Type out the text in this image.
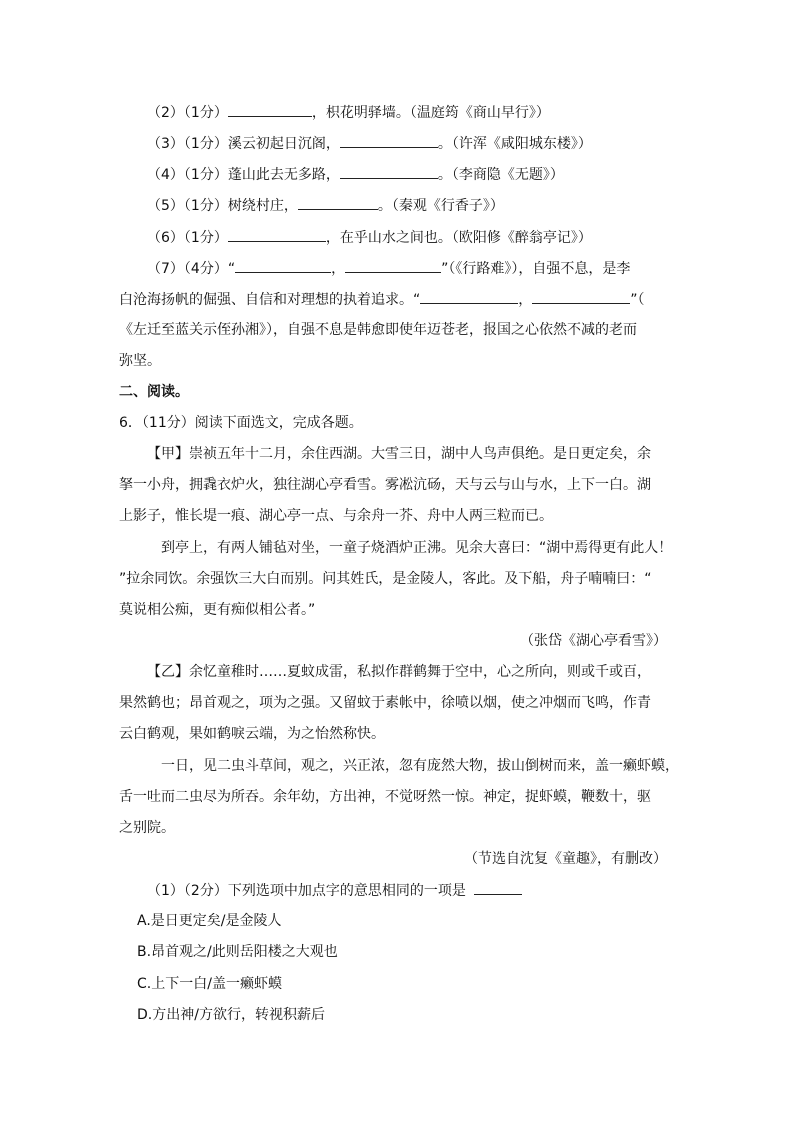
（2）（1分）	，枳花明驿墙。（温庭筠《商山早行》）
（3）（1分）溪云初起日沉阁，	。（许浑《咸阳城东楼》）
（4）（1分）蓬山此去无多路，	。（李商隐《无题》）
（5）（1分）树绕村庄，	。（秦观《行香子》）
（6）（1分）	，在乎山水之间也。（欧阳修《醉翁亭记》）
（7）（4分）“	，	”（《行路难》），自强不息，是李
白沧海扬帆的倔强、自信和对理想的执着追求。“	，	”（
《左迁至蓝关示侄孙湘》），自强不息是韩愈即使年迈苍老，报国之心依然不减的老而
弥坚。
二、阅读。
6．（11分）阅读下面选文，完成各题。
【甲】崇祯五年十二月，余住西湖。大雪三日，湖中人鸟声俱绝。是日更定矣，余
拏一小舟，拥毳衣炉火，独往湖心亭看雪。雾凇沆砀，天与云与山与水，上下一白。湖
上影子，惟长堤一痕、湖心亭一点、与余舟一芥、舟中人两三粒而已。
到亭上，有两人铺毡对坐，一童子烧酒炉正沸。见余大喜曰：“湖中焉得更有此人！
”拉余同饮。余强饮三大白而别。问其姓氏，是金陵人，客此。及下船，舟子喃喃曰：“
莫说相公痴，更有痴似相公者。”
（张岱《湖心亭看雪》）
【乙】余忆童稚时……夏蚊成雷，私拟作群鹤舞于空中，心之所向，则或千或百，
果然鹤也；昂首观之，项为之强。又留蚊于素帐中，徐喷以烟，使之冲烟而飞鸣，作青
云白鹤观，果如鹤唳云端，为之怡然称快。
一日，见二虫斗草间，观之，兴正浓，忽有庞然大物，拔山倒树而来，盖一癞虾蟆，
舌一吐而二虫尽为所吞。余年幼，方出神，不觉呀然一惊。神定，捉虾蟆，鞭数十，驱
之别院。
（节选自沈复《童趣》，有删改）
（1）（2分）下列选项中加点字的意思相同的一项是
A.是日更定矣/是金陵人
B.昂首观之/此则岳阳楼之大观也
C.上下一白/盖一癞虾蟆
D.方出神/方欲行，转视积薪后
